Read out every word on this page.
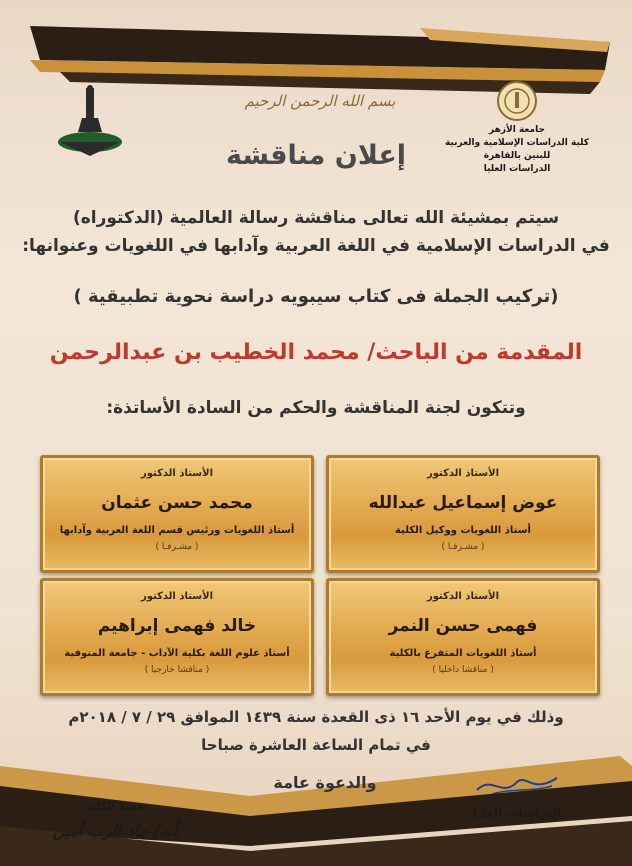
بسم الله الرحمن الرحيم
جامعة الأزهر
كلية الدراسات الإسلامية والعربية للبنين بالقاهرة
الدراسات العليا
إعلان مناقشة
سيتم بمشيئة الله تعالى مناقشة رسالة العالمية (الدكتوراه)
في الدراسات الإسلامية في اللغة العربية وآدابها في اللغويات وعنوانها:
(تركيب الجملة فى كتاب سيبويه دراسة نحوية تطبيقية )
المقدمة من الباحث/ محمد الخطيب بن عبدالرحمن
وتتكون لجنة المناقشة والحكم من السادة الأساتذة:
الأستاذ الدكتور
عوض إسماعيل عبدالله
أستاذ اللغويات ووكيل الكلية
( مشـرفـا )
الأستاذ الدكتور
محمد حسن عثمان
أستاذ اللغويات ورئيس قسم اللغة العربية وآدابها
( مشـرفـا )
الأستاذ الدكتور
فهمى حسن النمر
أستاذ اللغويات المتفرغ بالكلية
( مناقشا داخليا )
الأستاذ الدكتور
خالد فهمى إبراهيم
أستاذ علوم اللغة بكلية الآداب - جامعة المنوفية
( مناقشا خارجيا )
وذلك في يوم الأحد ١٦ ذى القعدة سنة ١٤٣٩ الموافق ٢٩ / ٧ / ٢٠١٨م
في تمام الساعة العاشرة صباحا
والدعوة عامة
الدراسات العليا
عميد الكلية
أ.د/ جاد الرب أمين
